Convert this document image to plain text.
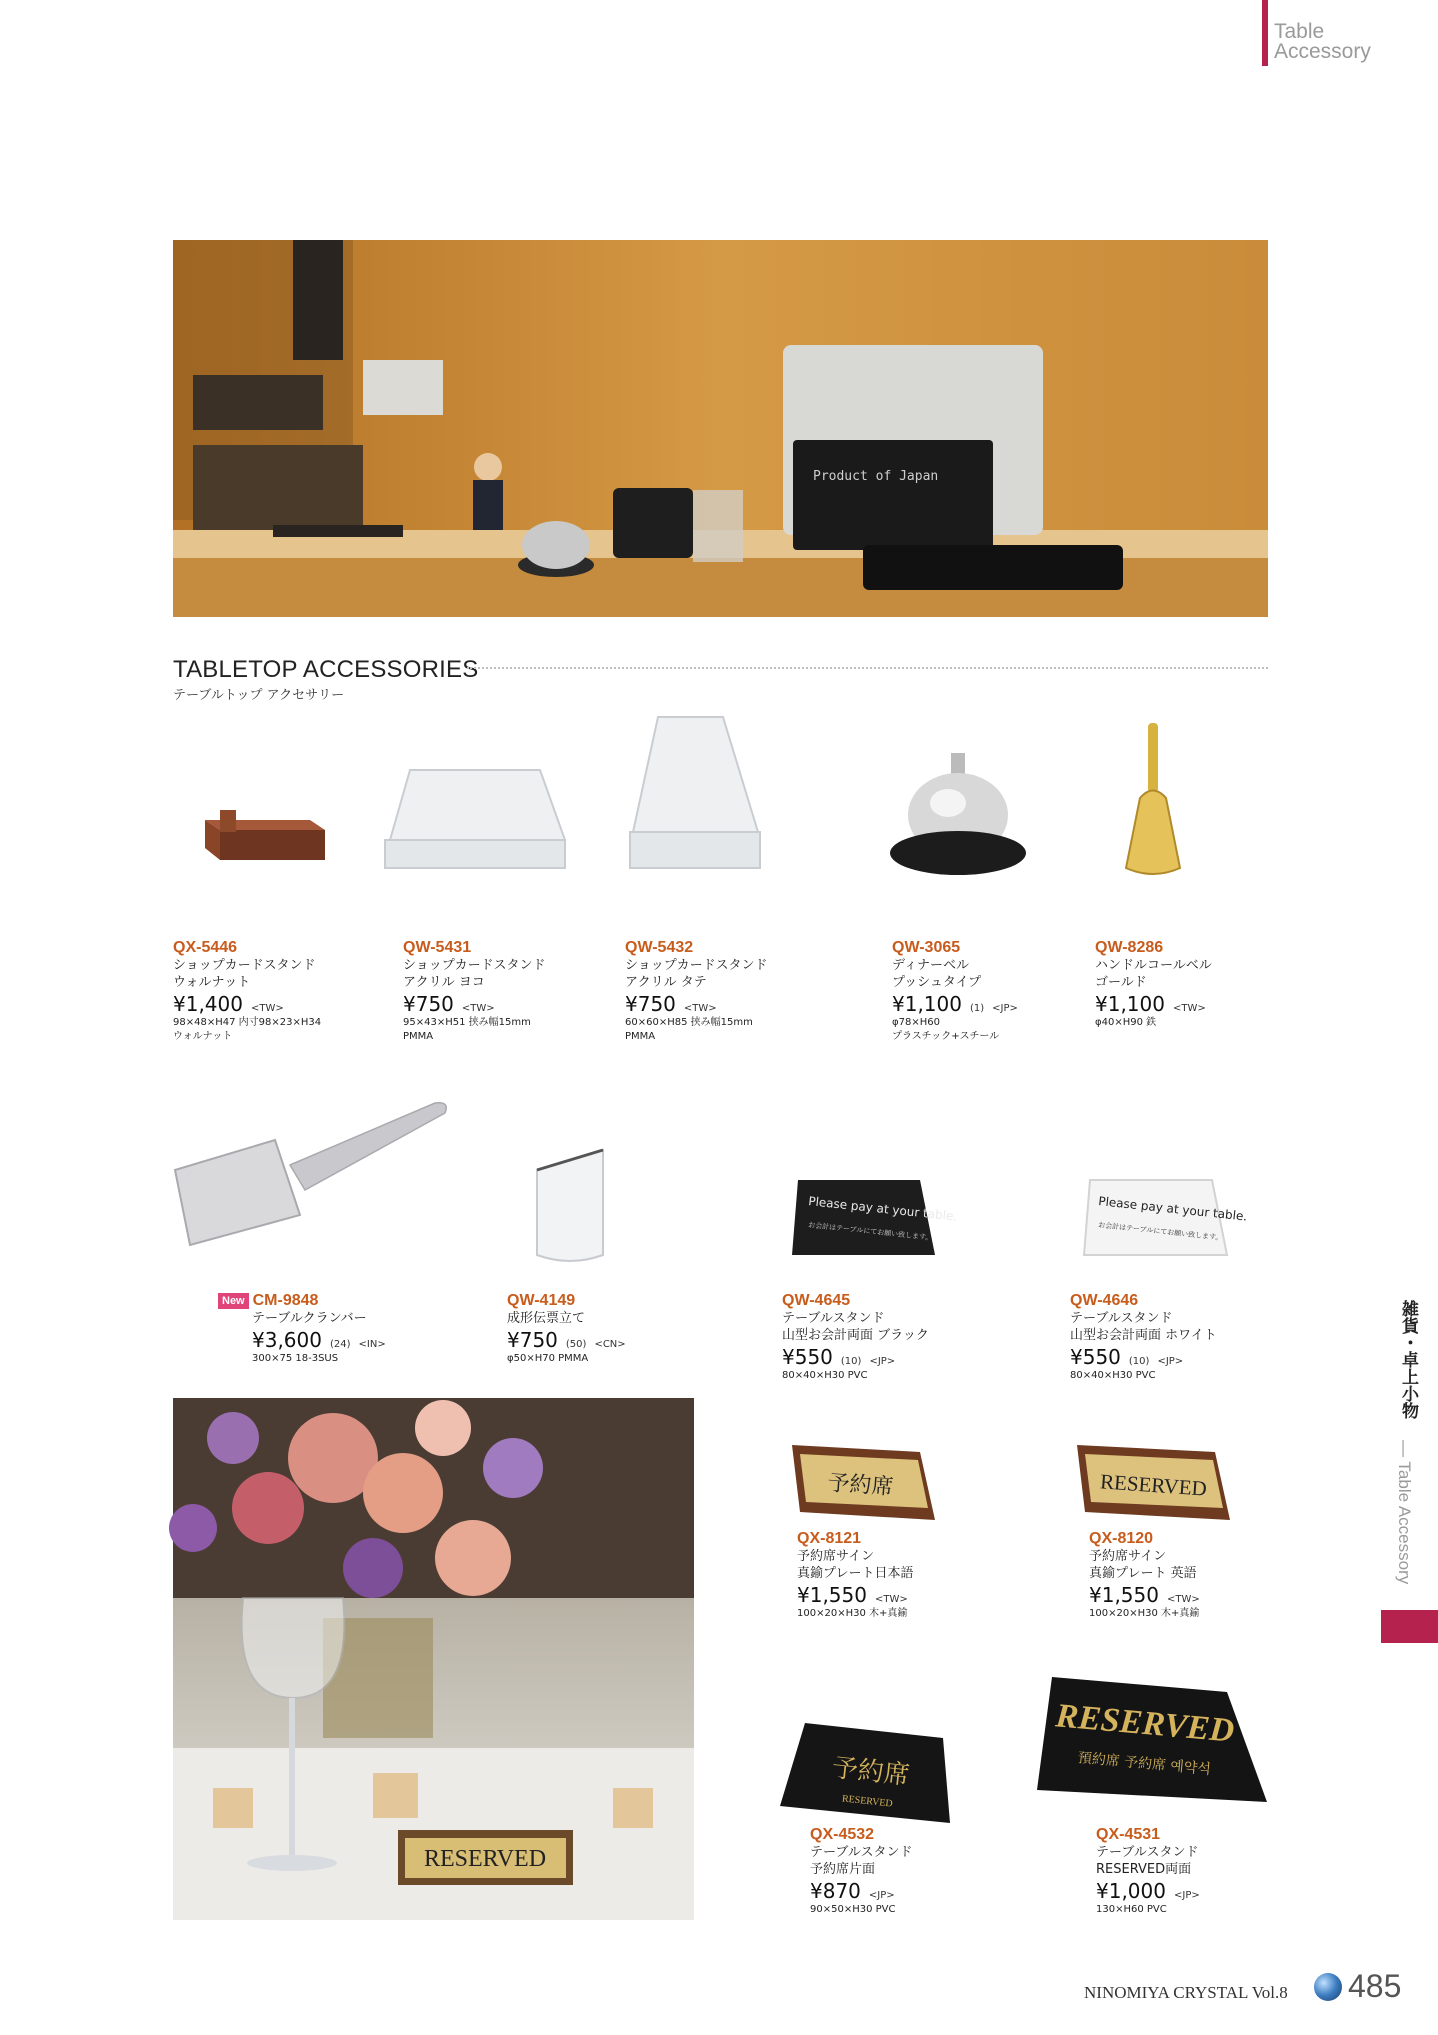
Table
Accessory
Product of Japan
TABLETOP ACCESSORIES
テーブルトップ アクセサリー
QX-5446
ショップカードスタンド
ウォルナット
¥1,400 <TW>
98×48×H47 内寸98×23×H34
ウォルナット
QW-5431
ショップカードスタンド
アクリル ヨコ
¥750 <TW>
95×43×H51 挟み幅15mm
PMMA
QW-5432
ショップカードスタンド
アクリル タテ
¥750 <TW>
60×60×H85 挟み幅15mm
PMMA
QW-3065
ディナーベル
プッシュタイプ
¥1,100 (1) <JP>
φ78×H60
プラスチック+スチール
QW-8286
ハンドルコールベル
ゴールド
¥1,100 <TW>
φ40×H90 鉄
Please pay at your table.
お会計はテーブルにてお願い致します。
Please pay at your table.
お会計はテーブルにてお願い致します。
New CM-9848
テーブルクランバー
¥3,600 (24) <IN>
300×75 18-3SUS
QW-4149
成形伝票立て
¥750 (50) <CN>
φ50×H70 PMMA
QW-4645
テーブルスタンド
山型お会計両面 ブラック
¥550 (10) <JP>
80×40×H30 PVC
QW-4646
テーブルスタンド
山型お会計両面 ホワイト
¥550 (10) <JP>
80×40×H30 PVC
RESERVED
予約席	RESERVED
QX-8121
予約席サイン
真鍮プレート日本語
¥1,550 <TW>
100×20×H30 木+真鍮
QX-8120
予約席サイン
真鍮プレート 英語
¥1,550 <TW>
100×20×H30 木+真鍮
予約席
RESERVED
RESERVED
預約席 予約席 예약석
QX-4532
テーブルスタンド
予約席片面
¥870 <JP>
90×50×H30 PVC
QX-4531
テーブルスタンド
RESERVED両面
¥1,000 <JP>
130×H60 PVC
雑貨・卓上小物
— Table Accessory
NINOMIYA CRYSTAL Vol.8 485
